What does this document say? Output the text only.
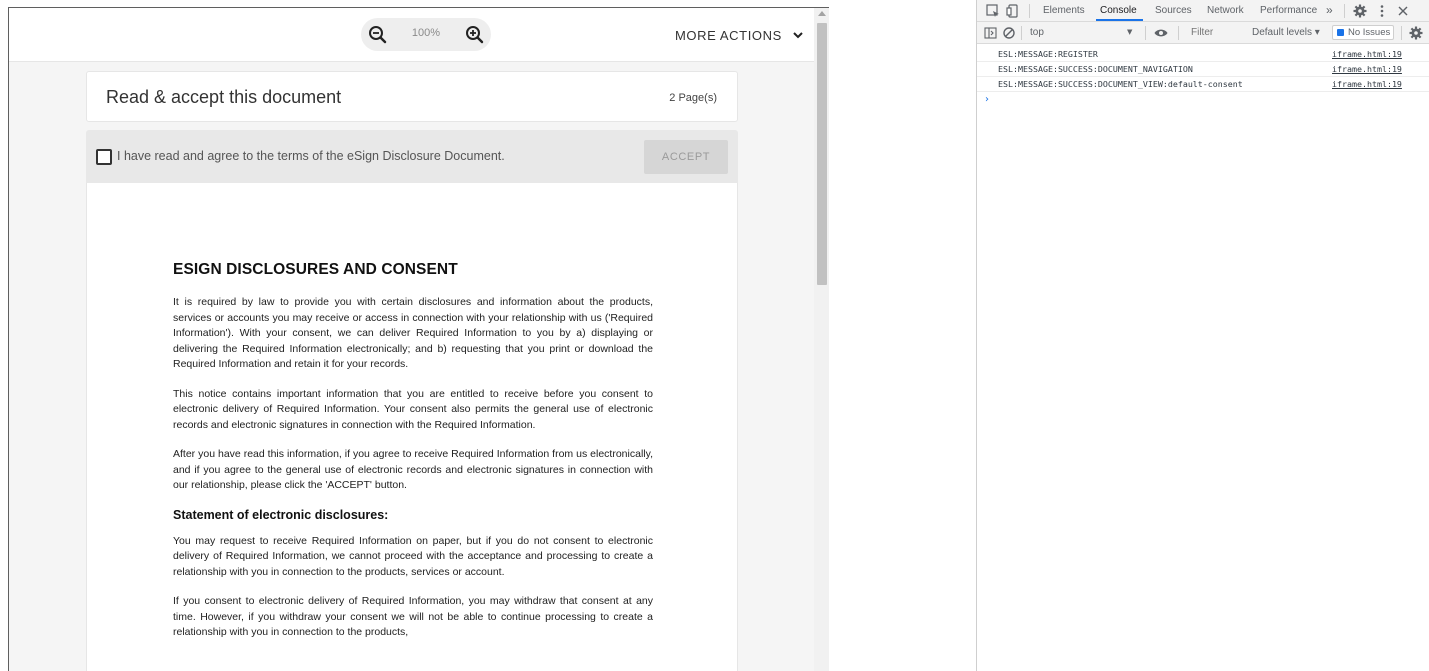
100%	MORE ACTIONS
Read & accept this document	2 Page(s)
I have read and agree to the terms of the eSign Disclosure Document.	ACCEPT
ESIGN DISCLOSURES AND CONSENT

It is required by law to provide you with certain disclosures and information about the products, services or accounts you may receive or access in connection with your relationship with us ('Required Information'). With your consent, we can deliver Required Information to you by a) displaying or delivering the Required Information electronically; and b) requesting that you print or download the Required Information and retain it for your records.

This notice contains important information that you are entitled to receive before you consent to electronic delivery of Required Information. Your consent also permits the general use of electronic records and electronic signatures in connection with the Required Information.

After you have read this information, if you agree to receive Required Information from us electronically, and if you agree to the general use of electronic records and electronic signatures in connection with our relationship, please click the 'ACCEPT' button.

Statement of electronic disclosures:

You may request to receive Required Information on paper, but if you do not consent to electronic delivery of Required Information, we cannot proceed with the acceptance and processing to create a relationship with you in connection to the products, services or account.

If you consent to electronic delivery of Required Information, you may withdraw that consent at any time. However, if you withdraw your consent we will not be able to continue processing to create a relationship with you in connection to the products,

Elements Console Sources Network Performance »
top	▼
Filter	Default levels ▾	No Issues
ESL:MESSAGE:REGISTER	iframe.html:19
ESL:MESSAGE:SUCCESS:DOCUMENT_NAVIGATION	iframe.html:19
ESL:MESSAGE:SUCCESS:DOCUMENT_VIEW:default-consent	iframe.html:19
›
